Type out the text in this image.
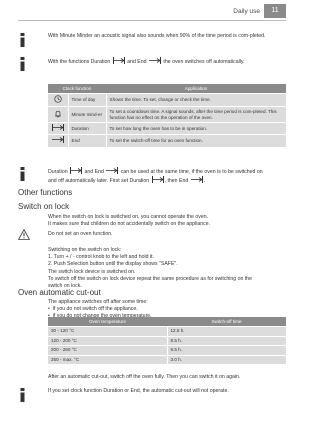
Daily use	11
With Minute Minder an acoustic signal also sounds when 90% of the time period is com-pleted.
With the functions Duration	and End	the oven switches off automatically.
Clock function		Application
	Time of day	Shows the time. To set, change or check the time.
	Minute mind-er	To set a countdown time. A signal sounds, after the time period is com-pleted. This function has no effect on the operation of the oven.
	Duration	To set how long the oven has to be in operation.
	End	To set the switch-off time for an oven function.
Duration	and End	can be used at the same time, if the oven is to be switched on
and off automatically later. First set Duration	, then End	.
Other functions
Switch on lock

When the switch on lock is switched on, you cannot operate the oven.

It makes sure that children do not accidentally switch on the appliance.

Do not set an oven function.

Switching on the switch on lock:

1. Turn + / - control knob to the left and hold it.

2. Push Selection button until the display shows "SAFE".

The switch lock device is switched on.

To switch off the switch on lock device repeat the same procedure as for switching on the

switch on lock.

Oven automatic cut-out

The appliance switches off after some time:

•  if you do not switch off the appliance.

Oven temperature	Switch-off time
30 - 120 °C	12.5 h.
120 - 200 °C	8.5 h.
200 - 250 °C	5.5 h.
250 - max. °C	3.0 h.
After an automatic cut-out, switch off the oven fully. Then you can switch it on again.
If you set clock function Duration or End, the automatic cut-out will not operate.
